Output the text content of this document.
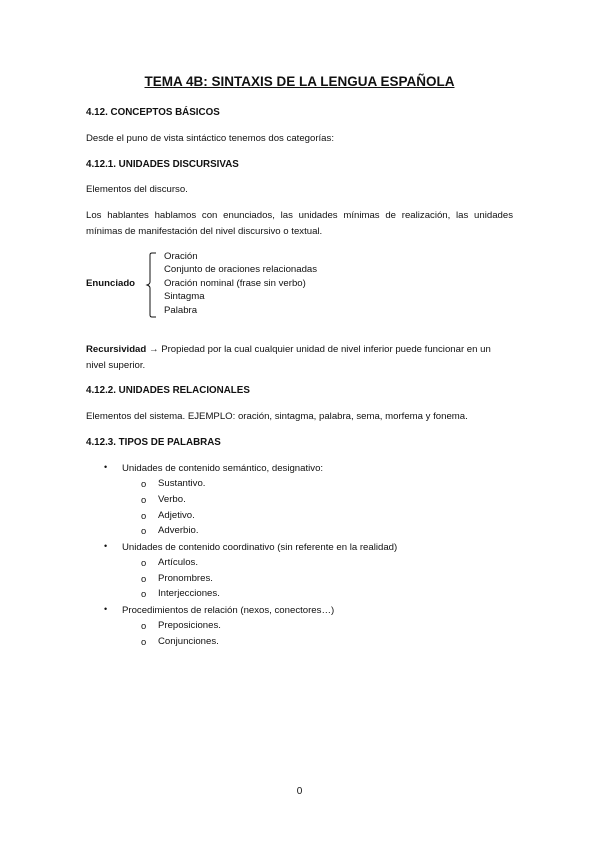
TEMA 4B: SINTAXIS DE LA LENGUA ESPAÑOLA
4.12. CONCEPTOS BÁSICOS
Desde el puno de vista sintáctico tenemos dos categorías:
4.12.1. UNIDADES DISCURSIVAS
Elementos del discurso.
Los hablantes hablamos con enunciados, las unidades mínimas de realización, las unidades
mínimas de manifestación del nivel discursivo o textual.
Enunciado
Oración
Conjunto de oraciones relacionadas
Oración nominal (frase sin verbo)
Sintagma
Palabra
Recursividad → Propiedad por la cual cualquier unidad de nivel inferior puede funcionar en un
nivel superior.
4.12.2. UNIDADES RELACIONALES
Elementos del sistema. EJEMPLO: oración, sintagma, palabra, sema, morfema y fonema.
4.12.3. TIPOS DE PALABRAS
• Unidades de contenido semántico, designativo:
o Sustantivo.
o Verbo.
o Adjetivo.
o Adverbio.
• Unidades de contenido coordinativo (sin referente en la realidad)
o Artículos.
o Pronombres.
o Interjecciones.
• Procedimientos de relación (nexos, conectores…)
o Preposiciones.
o Conjunciones.
0
